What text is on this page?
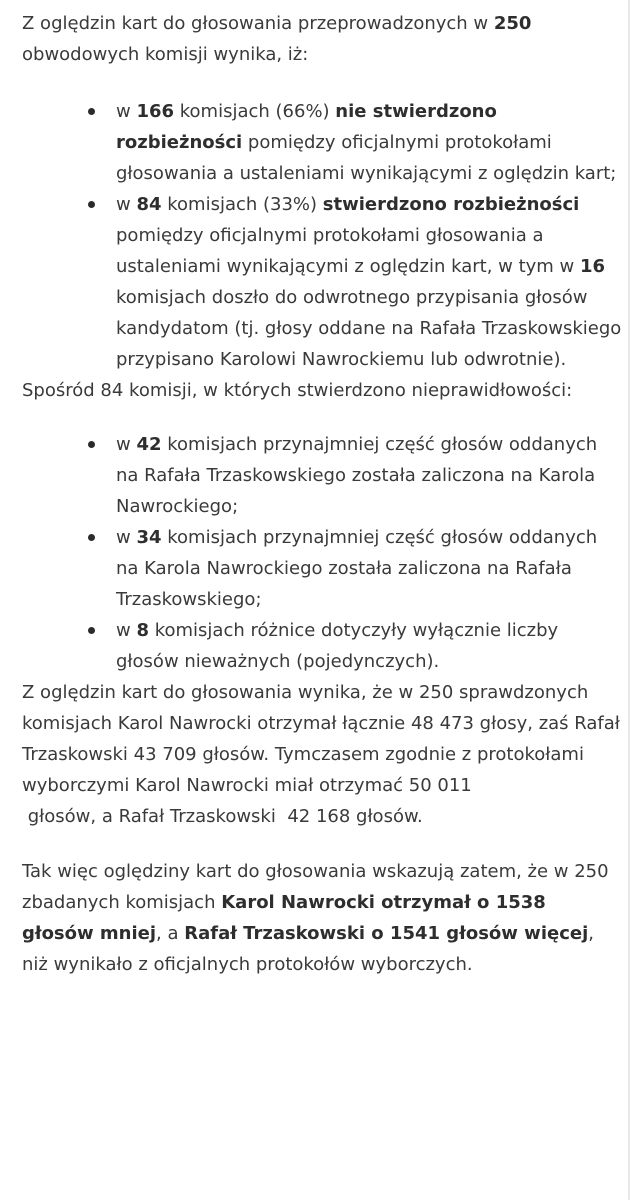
Z oględzin kart do głosowania przeprowadzonych w 250 obwodowych komisji wynika, iż:

w 166 komisjach (66%) nie stwierdzono rozbieżności pomiędzy oficjalnymi protokołami głosowania a ustaleniami wynikającymi z oględzin kart;
w 84 komisjach (33%) stwierdzono rozbieżności pomiędzy oficjalnymi protokołami głosowania a ustaleniami wynikającymi z oględzin kart, w tym w 16 komisjach doszło do odwrotnego przypisania głosów kandydatom (tj. głosy oddane na Rafała Trzaskowskiego przypisano Karolowi Nawrockiemu lub odwrotnie).

Spośród 84 komisji, w których stwierdzono nieprawidłowości:

w 42 komisjach przynajmniej część głosów oddanych na Rafała Trzaskowskiego została zaliczona na Karola Nawrockiego;
w 34 komisjach przynajmniej część głosów oddanych na Karola Nawrockiego została zaliczona na Rafała Trzaskowskiego;
w 8 komisjach różnice dotyczyły wyłącznie liczby głosów nieważnych (pojedynczych).

Z oględzin kart do głosowania wynika, że w 250 sprawdzonych komisjach Karol Nawrocki otrzymał łącznie 48 473 głosy, zaś Rafał Trzaskowski 43 709 głosów. Tymczasem zgodnie z protokołami wyborczymi Karol Nawrocki miał otrzymać 50 011 głosów, a Rafał Trzaskowski  42 168 głosów.

Tak więc oględziny kart do głosowania wskazują zatem, że w 250 zbadanych komisjach Karol Nawrocki otrzymał o 1538 głosów mniej, a Rafał Trzaskowski o 1541 głosów więcej, niż wynikało z oficjalnych protokołów wyborczych.
